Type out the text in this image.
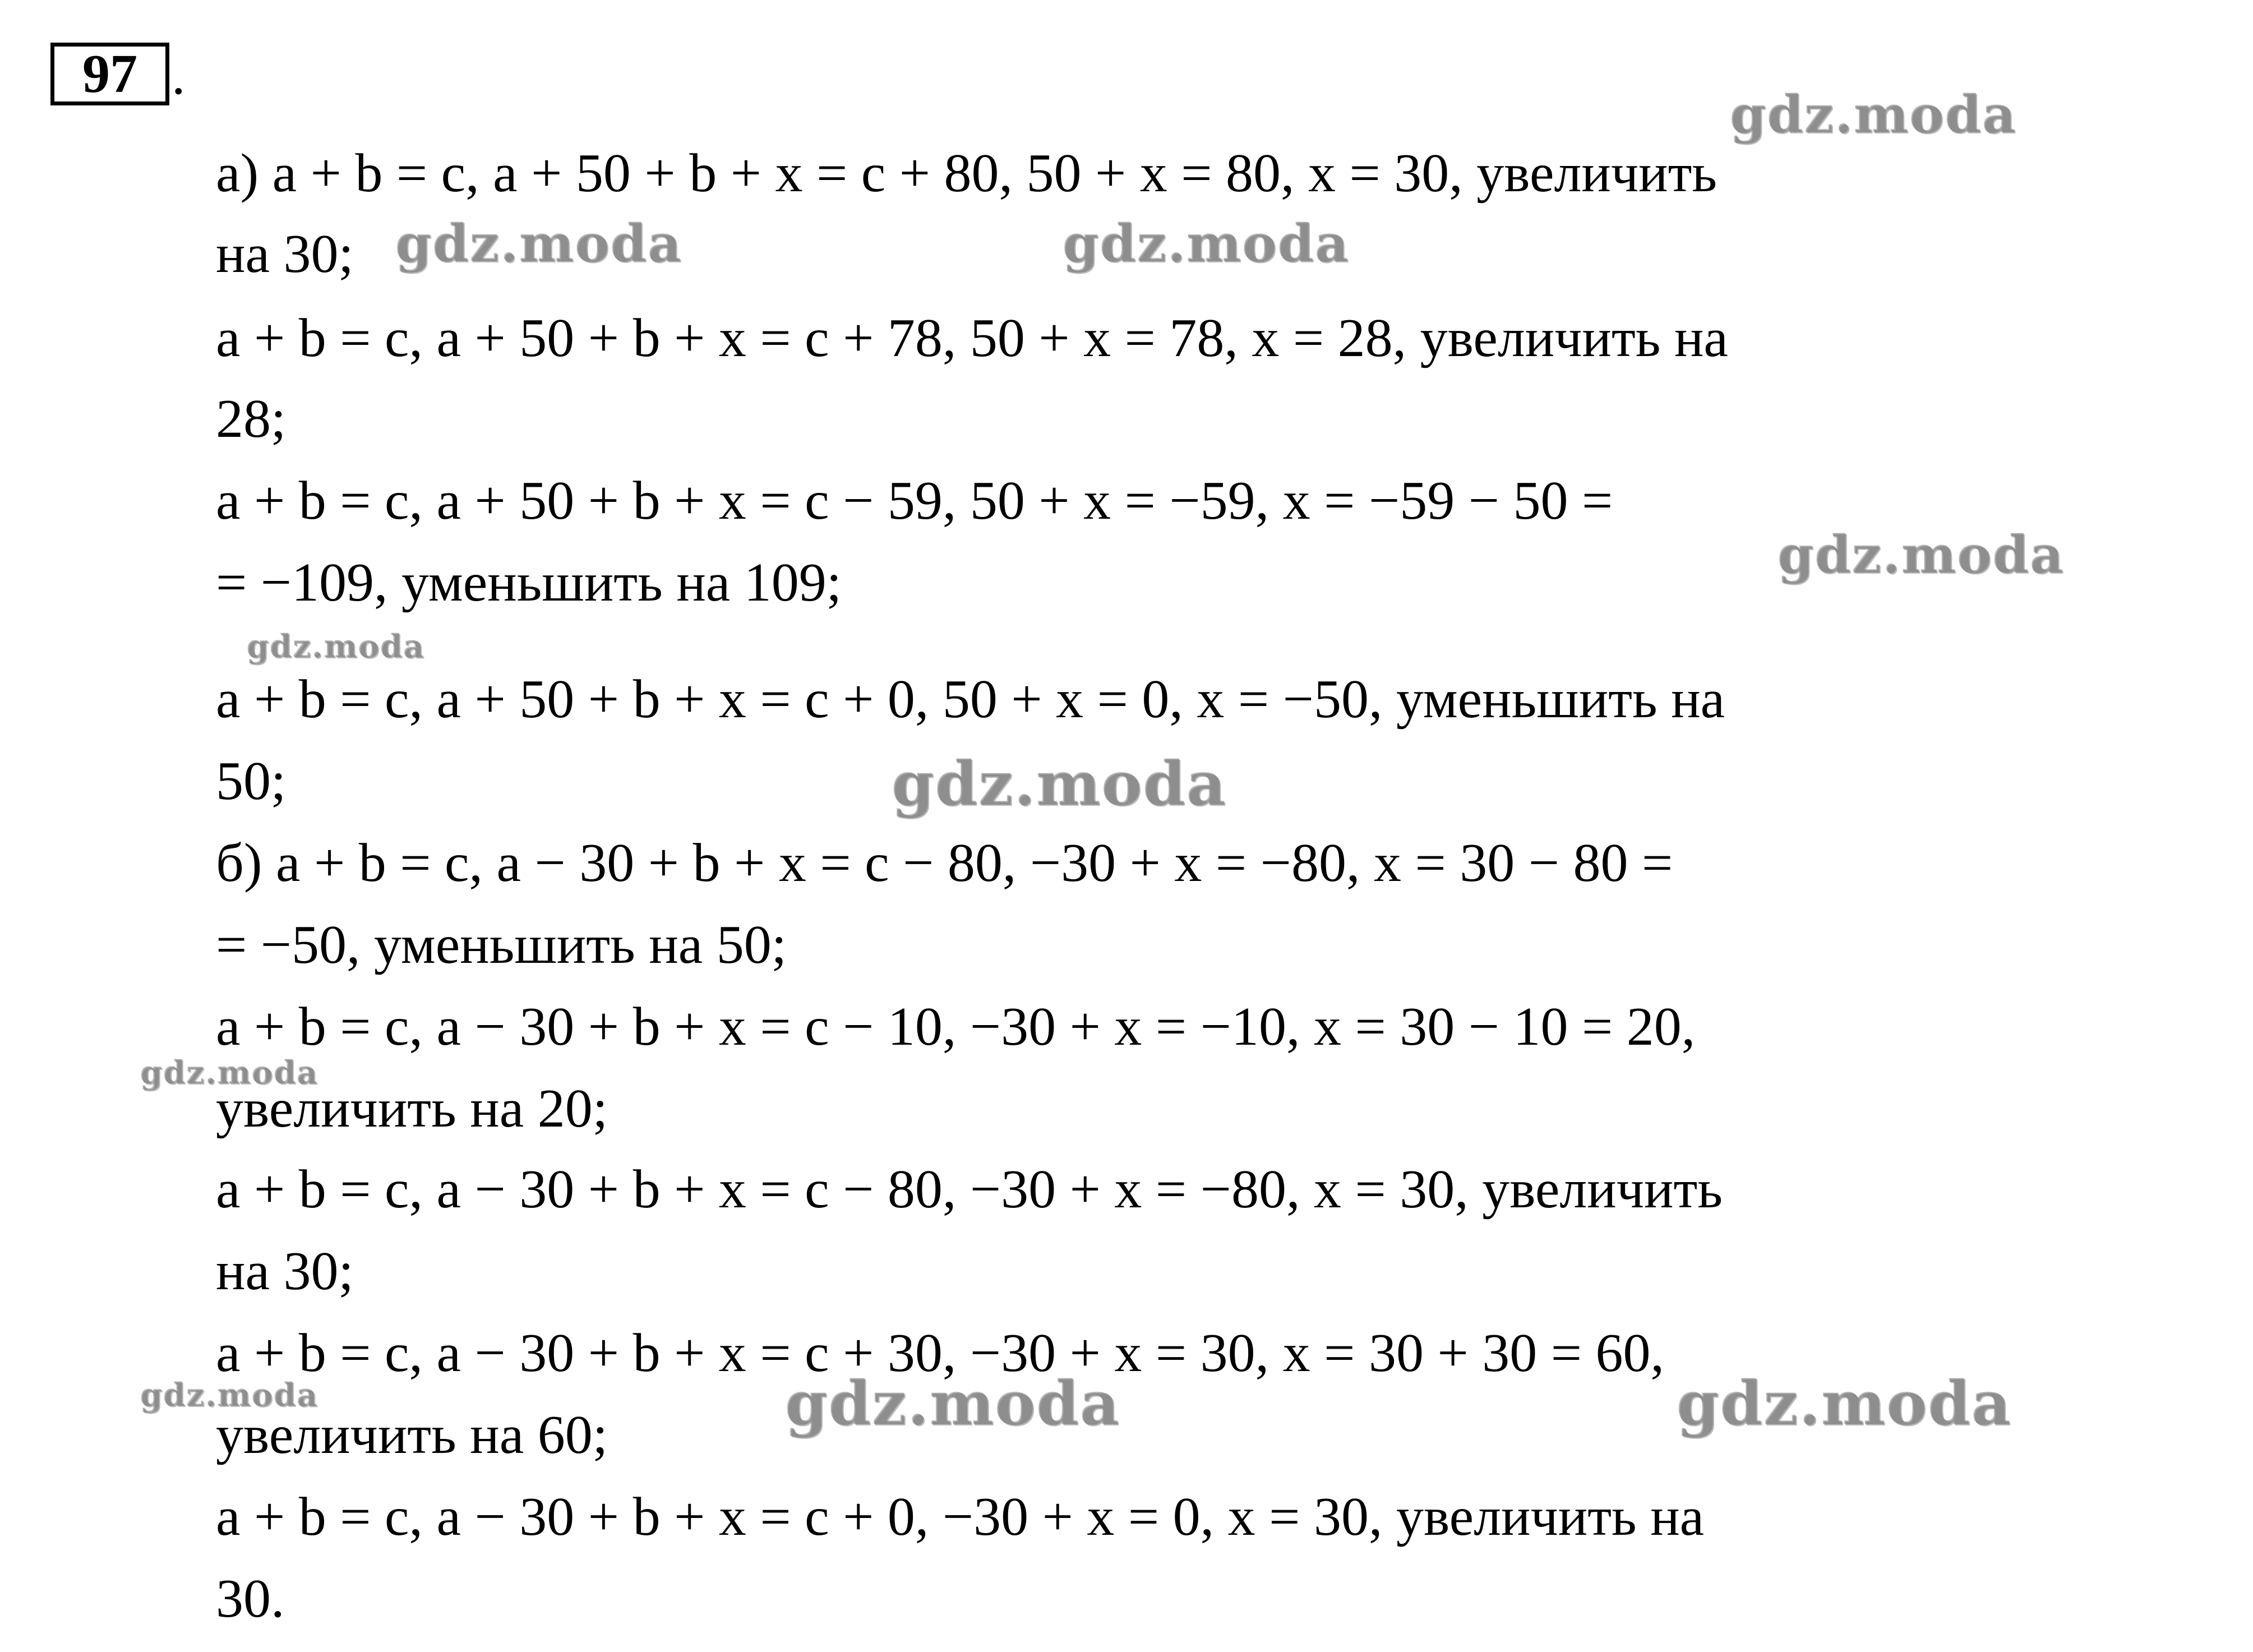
97 .
а) a + b = c, a + 50 + b + x = c + 80, 50 + x = 80, x = 30, увеличить
на 30;
a + b = c, a + 50 + b + x = c + 78, 50 + x = 78, x = 28, увеличить на
28;
a + b = c, a + 50 + b + x = c − 59, 50 + x = −59, x = −59 − 50 =
= −109, уменьшить на 109;
a + b = c, a + 50 + b + x = c + 0, 50 + x = 0, x = −50, уменьшить на
50;
б) a + b = c, a − 30 + b + x = c − 80, −30 + x = −80, x = 30 − 80 =
= −50, уменьшить на 50;
a + b = c, a − 30 + b + x = c − 10, −30 + x = −10, x = 30 − 10 = 20,
увеличить на 20;
a + b = c, a − 30 + b + x = c − 80, −30 + x = −80, x = 30, увеличить
на 30;
a + b = c, a − 30 + b + x = c + 30, −30 + x = 30, x = 30 + 30 = 60,
увеличить на 60;
a + b = c, a − 30 + b + x = c + 0, −30 + x = 0, x = 30, увеличить на
30.
gdz.moda
gdz.moda	gdz.moda
gdz.moda
gdz.moda
gdz.moda
gdz.moda
gdz.moda	gdz.moda	gdz.moda
